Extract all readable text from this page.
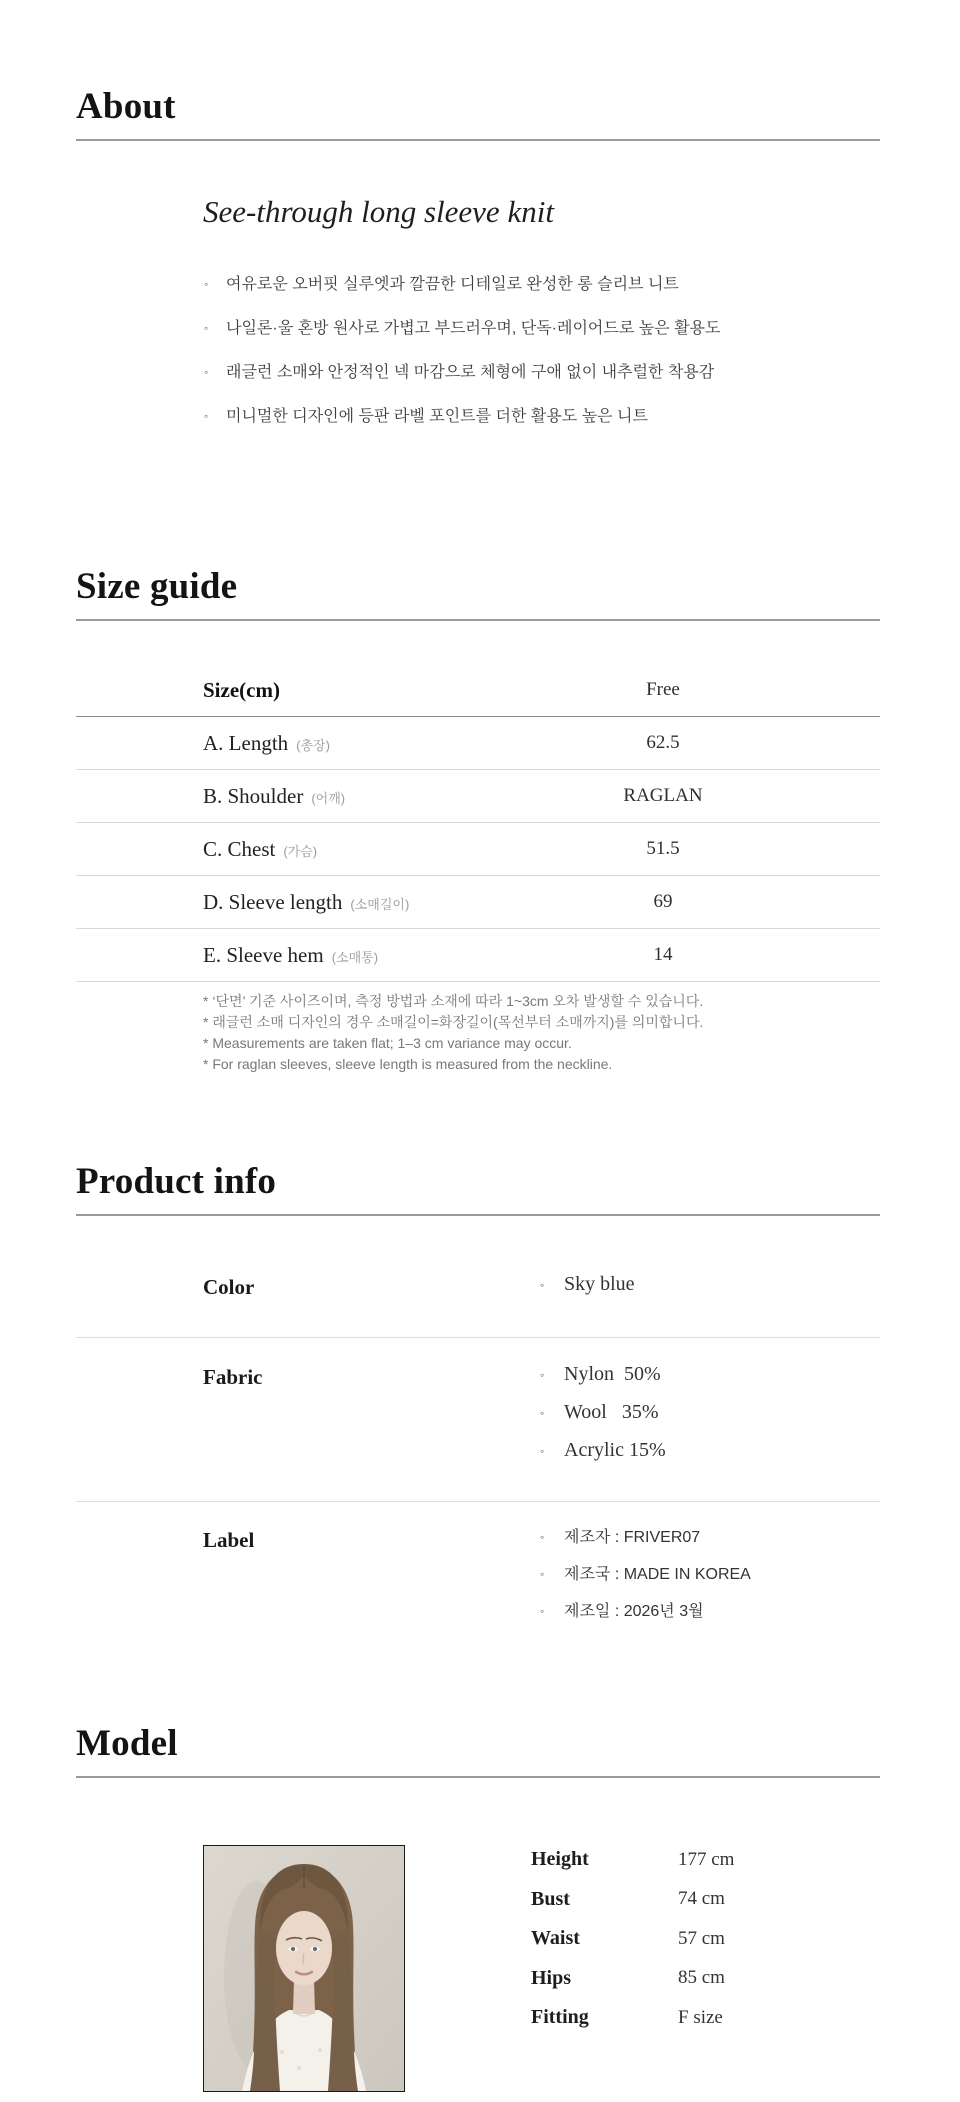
About
See-through long sleeve knit
◦ 여유로운 오버핏 실루엣과 깔끔한 디테일로 완성한 롱 슬리브 니트
◦ 나일론·울 혼방 원사로 가볍고 부드러우며, 단독·레이어드로 높은 활용도
◦ 래글런 소매와 안정적인 넥 마감으로 체형에 구애 없이 내추럴한 착용감
◦ 미니멀한 디자인에 등판 라벨 포인트를 더한 활용도 높은 니트
Size guide
Size(cm)	Free
A. Length (총장)	62.5
B. Shoulder (어깨)	RAGLAN
C. Chest (가슴)	51.5
D. Sleeve length (소매길이)	69
E. Sleeve hem (소매통)	14
* ‘단면’ 기준 사이즈이며, 측정 방법과 소재에 따라 1~3cm 오차 발생할 수 있습니다.
* 래글런 소매 디자인의 경우 소매길이=화장길이(목선부터 소매까지)를 의미합니다.
* Measurements are taken flat; 1–3 cm variance may occur.
* For raglan sleeves, sleeve length is measured from the neckline.
Product info
Color	◦ Sky blue
Fabric	◦ Nylon  50%
◦ Wool   35%
◦ Acrylic 15%
Label	◦ 제조자 : FRIVER07
◦ 제조국 : MADE IN KOREA
◦ 제조일 : 2026년 3월
Model
Height	177 cm
Bust	74 cm
Waist	57 cm
Hips	85 cm
Fitting	F size
